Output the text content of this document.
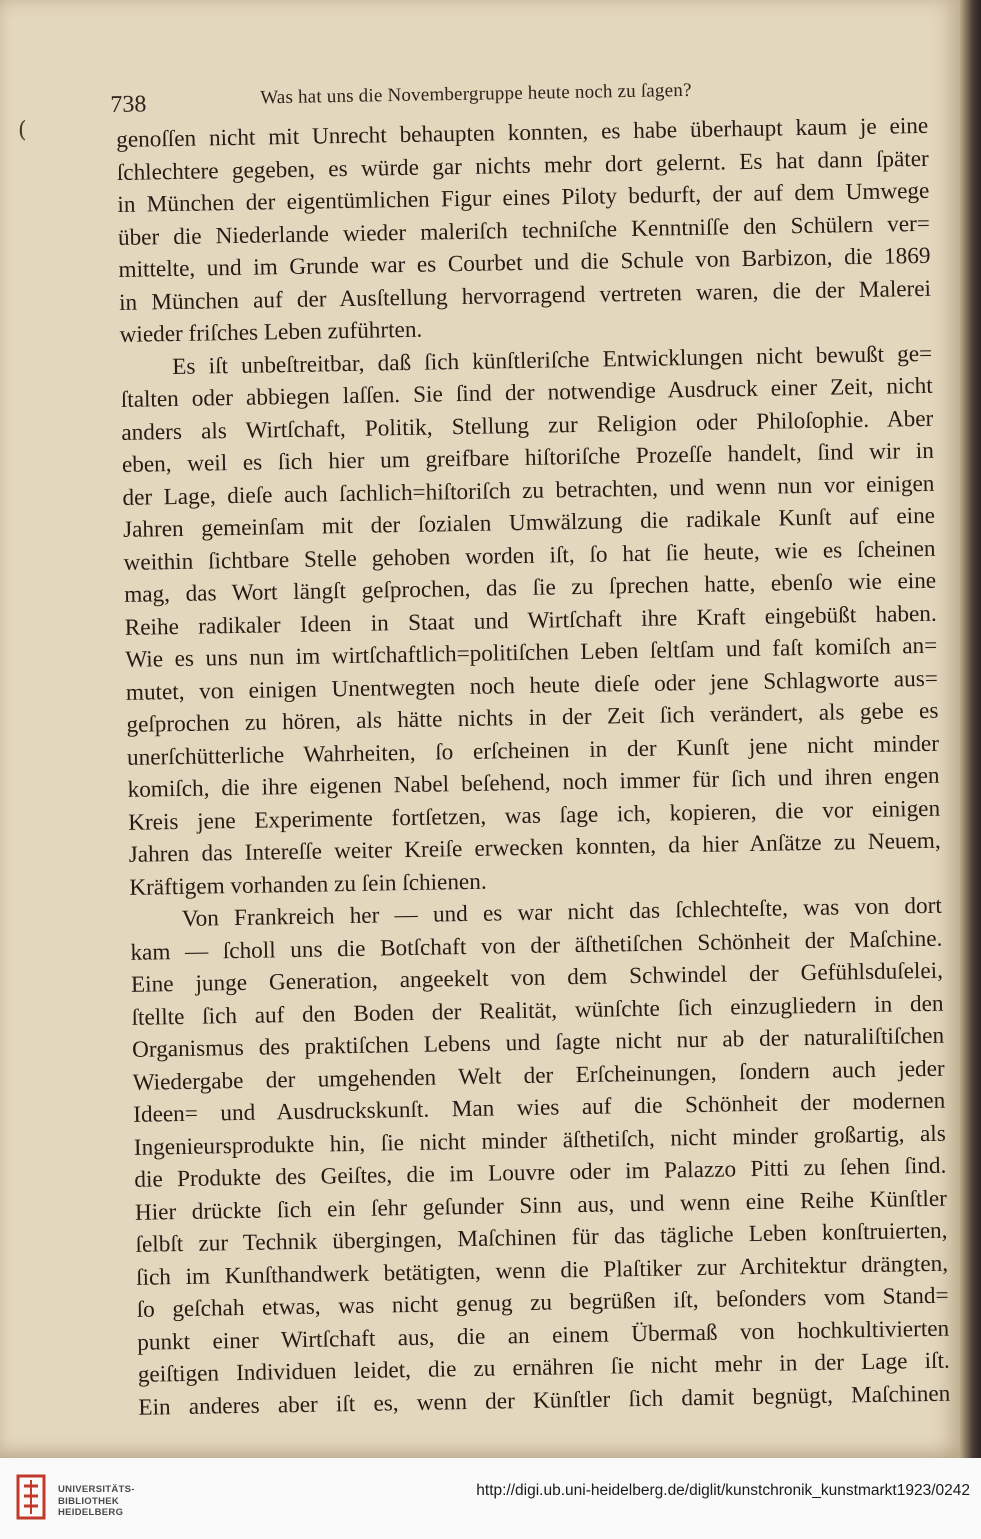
(
738	Was hat uns die Novembergruppe heute noch zu ſagen?
genoſſen nicht mit Unrecht behaupten konnten, es habe überhaupt kaum je eine
ſchlechtere gegeben, es würde gar nichts mehr dort gelernt. Es hat dann ſpäter
in München der eigentümlichen Figur eines Piloty bedurft, der auf dem Umwege
über die Niederlande wieder maleriſch techniſche Kenntniſſe den Schülern ver=
mittelte, und im Grunde war es Courbet und die Schule von Barbizon, die 1869
in München auf der Ausſtellung hervorragend vertreten waren, die der Malerei
wieder friſches Leben zuführten.
Es iſt unbeſtreitbar, daß ſich künſtleriſche Entwicklungen nicht bewußt ge=
ſtalten oder abbiegen laſſen. Sie ſind der notwendige Ausdruck einer Zeit, nicht
anders als Wirtſchaft, Politik, Stellung zur Religion oder Philoſophie. Aber
eben, weil es ſich hier um greifbare hiſtoriſche Prozeſſe handelt, ſind wir in
der Lage, dieſe auch ſachlich=hiſtoriſch zu betrachten, und wenn nun vor einigen
Jahren gemeinſam mit der ſozialen Umwälzung die radikale Kunſt auf eine
weithin ſichtbare Stelle gehoben worden iſt, ſo hat ſie heute, wie es ſcheinen
mag, das Wort längſt geſprochen, das ſie zu ſprechen hatte, ebenſo wie eine
Reihe radikaler Ideen in Staat und Wirtſchaft ihre Kraft eingebüßt haben.
Wie es uns nun im wirtſchaftlich=politiſchen Leben ſeltſam und faſt komiſch an=
mutet, von einigen Unentwegten noch heute dieſe oder jene Schlagworte aus=
geſprochen zu hören, als hätte nichts in der Zeit ſich verändert, als gebe es
unerſchütterliche Wahrheiten, ſo erſcheinen in der Kunſt jene nicht minder
komiſch, die ihre eigenen Nabel beſehend, noch immer für ſich und ihren engen
Kreis jene Experimente fortſetzen, was ſage ich, kopieren, die vor einigen
Jahren das Intereſſe weiter Kreiſe erwecken konnten, da hier Anſätze zu Neuem,
Kräftigem vorhanden zu ſein ſchienen.
Von Frankreich her — und es war nicht das ſchlechteſte, was von dort
kam — ſcholl uns die Botſchaft von der äſthetiſchen Schönheit der Maſchine.
Eine junge Generation, angeekelt von dem Schwindel der Gefühlsduſelei,
ſtellte ſich auf den Boden der Realität, wünſchte ſich einzugliedern in den
Organismus des praktiſchen Lebens und ſagte nicht nur ab der naturaliſtiſchen
Wiedergabe der umgehenden Welt der Erſcheinungen, ſondern auch jeder
Ideen= und Ausdruckskunſt. Man wies auf die Schönheit der modernen
Ingenieursprodukte hin, ſie nicht minder äſthetiſch, nicht minder großartig, als
die Produkte des Geiſtes, die im Louvre oder im Palazzo Pitti zu ſehen ſind.
Hier drückte ſich ein ſehr geſunder Sinn aus, und wenn eine Reihe Künſtler
ſelbſt zur Technik übergingen, Maſchinen für das tägliche Leben konſtruierten,
ſich im Kunſthandwerk betätigten, wenn die Plaſtiker zur Architektur drängten,
ſo geſchah etwas, was nicht genug zu begrüßen iſt, beſonders vom Stand=
punkt einer Wirtſchaft aus, die an einem Übermaß von hochkultivierten
geiſtigen Individuen leidet, die zu ernähren ſie nicht mehr in der Lage iſt.
Ein anderes aber iſt es, wenn der Künſtler ſich damit begnügt, Maſchinen
UNIVERSITÄTS-
BIBLIOTHEK
HEIDELBERG
http://digi.ub.uni-heidelberg.de/diglit/kunstchronik_kunstmarkt1923/0242
